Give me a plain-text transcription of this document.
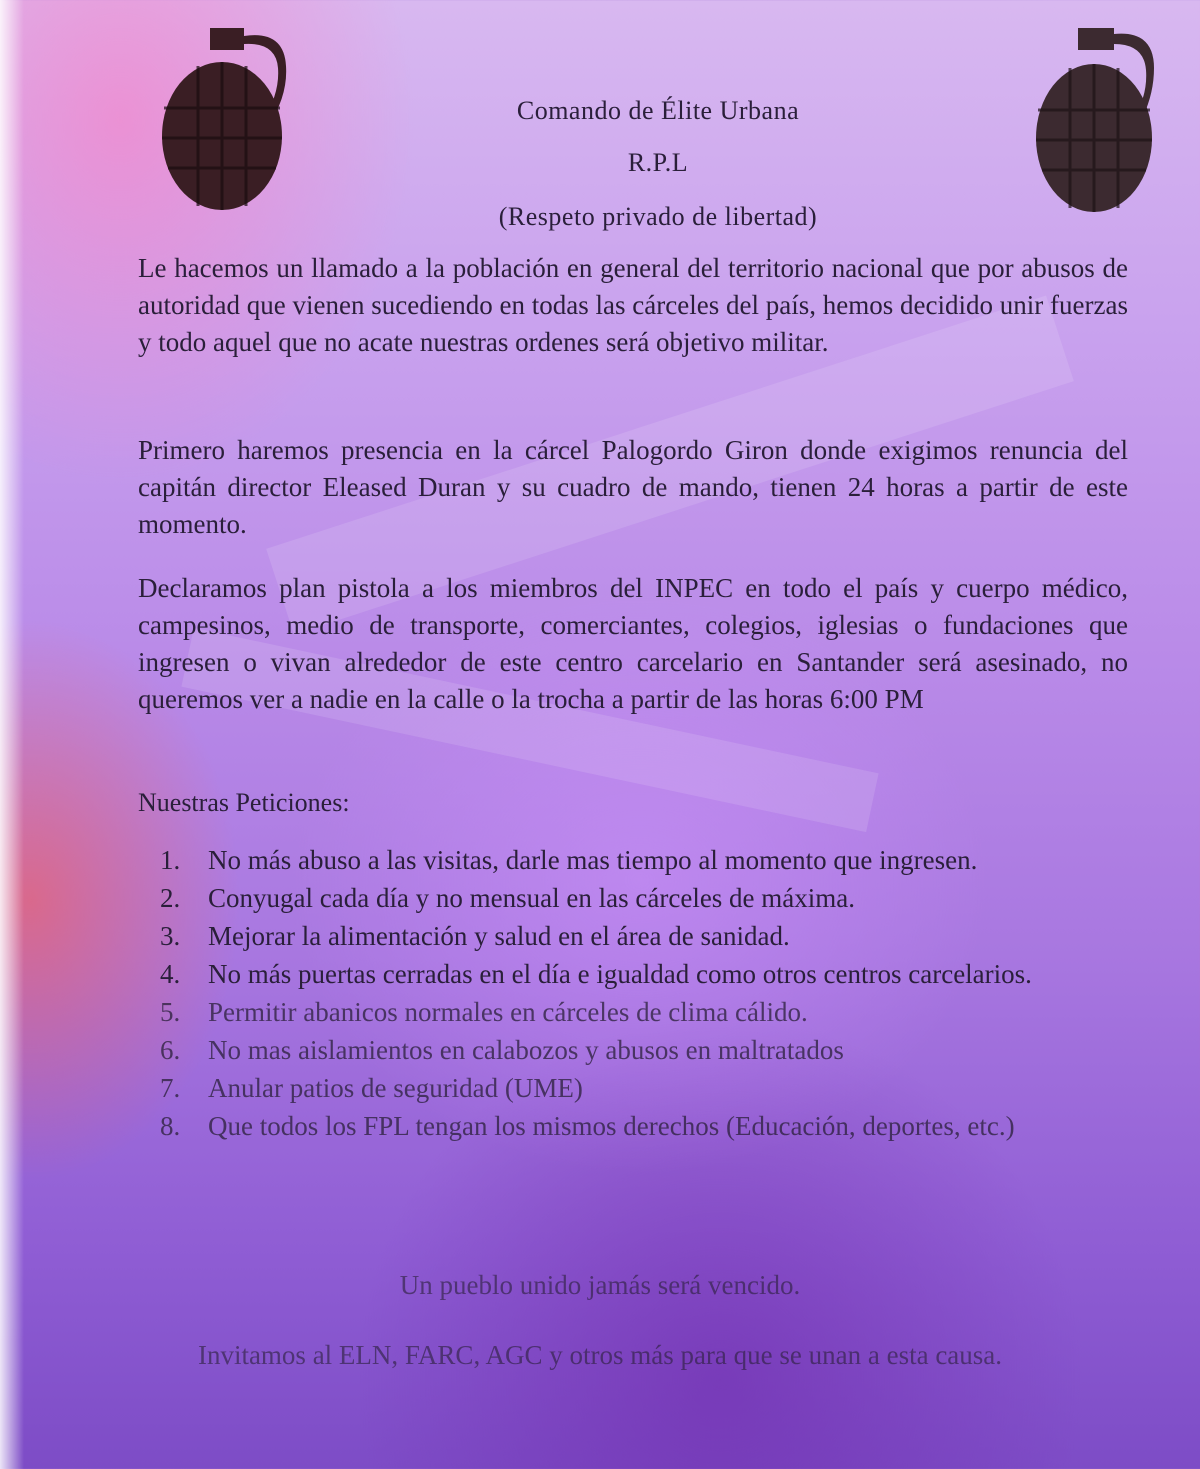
Comando de Élite Urbana
R.P.L
(Respeto privado de libertad)
Le hacemos un llamado a la población en general del territorio nacional que por abusos de autoridad que vienen sucediendo en todas las cárceles del país, hemos decidido unir fuerzas y todo aquel que no acate nuestras ordenes será objetivo militar.
Primero haremos presencia en la cárcel Palogordo Giron donde exigimos renuncia del capitán director Eleased Duran y su cuadro de mando, tienen 24 horas a partir de este momento.
Declaramos plan pistola a los miembros del INPEC en todo el país y cuerpo médico, campesinos, medio de transporte, comerciantes, colegios, iglesias o fundaciones que ingresen o vivan alrededor de este centro carcelario en Santander será asesinado, no queremos ver a nadie en la calle o la trocha a partir de las horas 6:00 PM
Nuestras Peticiones:
1. No más abuso a las visitas, darle mas tiempo al momento que ingresen.
2. Conyugal cada día y no mensual en las cárceles de máxima.
3. Mejorar la alimentación y salud en el área de sanidad.
4. No más puertas cerradas en el día e igualdad como otros centros carcelarios.
5. Permitir abanicos normales en cárceles de clima cálido.
6. No mas aislamientos en calabozos y abusos en maltratados
7. Anular patios de seguridad (UME)
8. Que todos los FPL tengan los mismos derechos (Educación, deportes, etc.)
Un pueblo unido jamás será vencido.
Invitamos al ELN, FARC, AGC y otros más para que se unan a esta causa.
